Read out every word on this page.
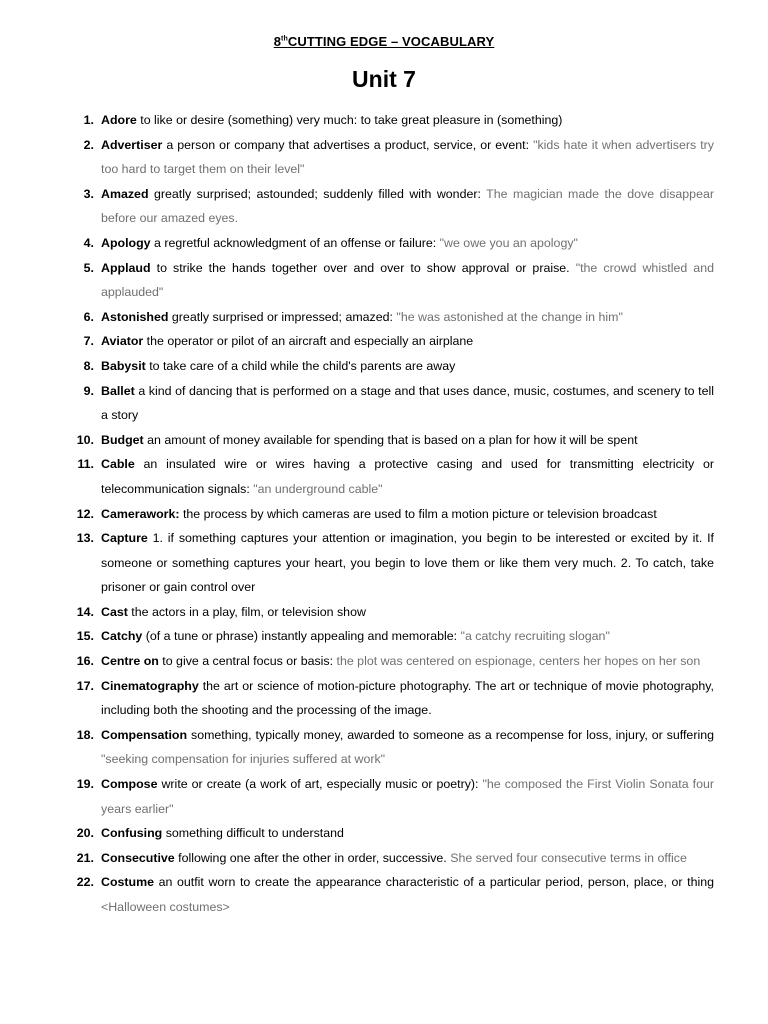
8thCUTTING EDGE – VOCABULARY
Unit 7
1. Adore to like or desire (something) very much: to take great pleasure in (something)
2. Advertiser a person or company that advertises a product, service, or event: "kids hate it when advertisers try too hard to target them on their level"
3. Amazed greatly surprised; astounded; suddenly filled with wonder: The magician made the dove disappear before our amazed eyes.
4. Apology a regretful acknowledgment of an offense or failure: "we owe you an apology"
5. Applaud to strike the hands together over and over to show approval or praise. "the crowd whistled and applauded"
6. Astonished greatly surprised or impressed; amazed: "he was astonished at the change in him"
7. Aviator the operator or pilot of an aircraft and especially an airplane
8. Babysit to take care of a child while the child's parents are away
9. Ballet a kind of dancing that is performed on a stage and that uses dance, music, costumes, and scenery to tell a story
10. Budget an amount of money available for spending that is based on a plan for how it will be spent
11. Cable an insulated wire or wires having a protective casing and used for transmitting electricity or telecommunication signals: "an underground cable"
12. Camerawork: the process by which cameras are used to film a motion picture or television broadcast
13. Capture 1. if something captures your attention or imagination, you begin to be interested or excited by it. If someone or something captures your heart, you begin to love them or like them very much. 2. To catch, take prisoner or gain control over
14. Cast the actors in a play, film, or television show
15. Catchy (of a tune or phrase) instantly appealing and memorable: "a catchy recruiting slogan"
16. Centre on to give a central focus or basis: the plot was centered on espionage, centers her hopes on her son
17. Cinematography the art or science of motion-picture photography. The art or technique of movie photography, including both the shooting and the processing of the image.
18. Compensation something, typically money, awarded to someone as a recompense for loss, injury, or suffering "seeking compensation for injuries suffered at work"
19. Compose write or create (a work of art, especially music or poetry): "he composed the First Violin Sonata four years earlier"
20. Confusing something difficult to understand
21. Consecutive following one after the other in order, successive. She served four consecutive terms in office
22. Costume an outfit worn to create the appearance characteristic of a particular period, person, place, or thing <Halloween costumes>
